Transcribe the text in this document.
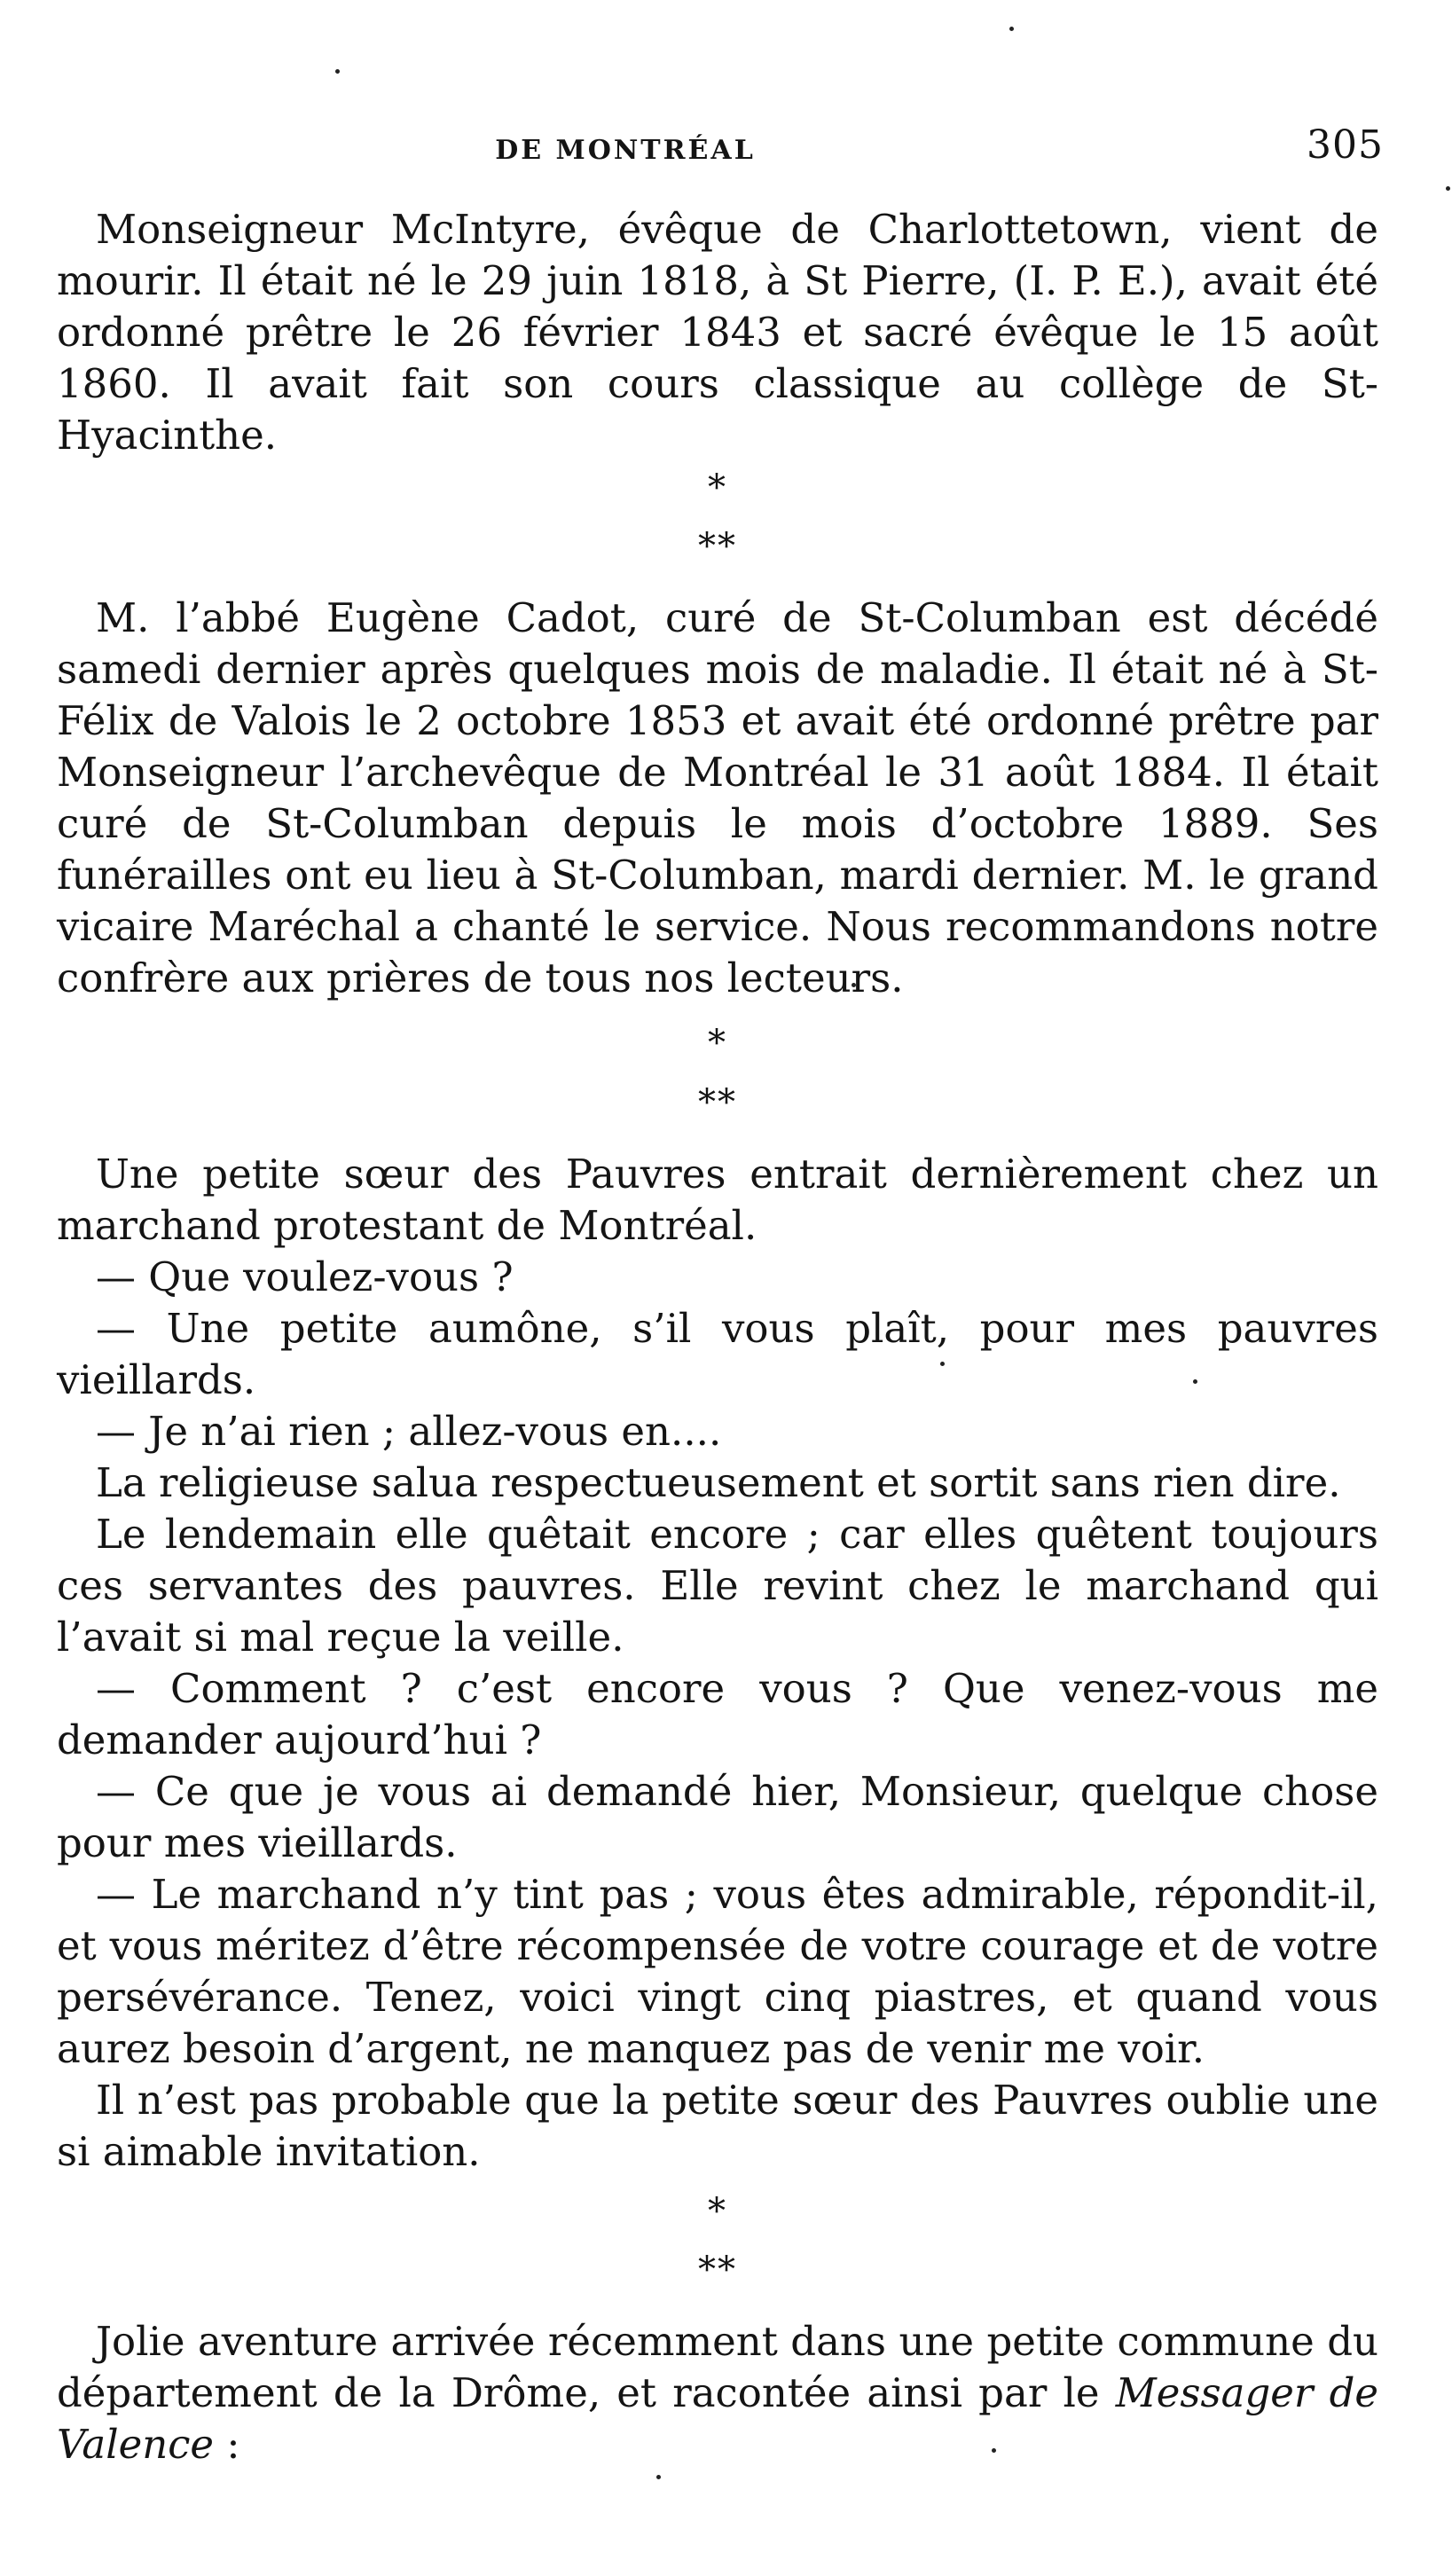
DE MONTRÉAL	305

Monseigneur McIntyre, évêque de Charlottetown, vient de mourir. Il était né le 29 juin 1818, à St Pierre, (I. P. E.), avait été ordonné prêtre le 26 février 1843 et sacré évêque le 15 août 1860. Il avait fait son cours classique au collège de St-Hyacinthe.

*
**

M. l’abbé Eugène Cadot, curé de St-Columban est décédé samedi dernier après quelques mois de maladie. Il était né à St-Félix de Valois le 2 octobre 1853 et avait été ordonné prêtre par Monseigneur l’archevêque de Montréal le 31 août 1884. Il était curé de St-Columban depuis le mois d’octobre 1889. Ses funérailles ont eu lieu à St-Columban, mardi dernier. M. le grand vicaire Maréchal a chanté le service. Nous recommandons notre confrère aux prières de tous nos lecteurs.

*
**

Une petite sœur des Pauvres entrait dernièrement chez un marchand protestant de Montréal.

— Que voulez-vous ?

— Une petite aumône, s’il vous plaît, pour mes pauvres vieillards.

— Je n’ai rien ; allez-vous en....

La religieuse salua respectueusement et sortit sans rien dire.

Le lendemain elle quêtait encore ; car elles quêtent toujours ces servantes des pauvres. Elle revint chez le marchand qui l’avait si mal reçue la veille.

— Comment ? c’est encore vous ? Que venez-vous me demander aujourd’hui ?

— Ce que je vous ai demandé hier, Monsieur, quelque chose pour mes vieillards.

— Le marchand n’y tint pas ; vous êtes admirable, répondit-il, et vous méritez d’être récompensée de votre courage et de votre persévérance. Tenez, voici vingt cinq piastres, et quand vous aurez besoin d’argent, ne manquez pas de venir me voir.

Il n’est pas probable que la petite sœur des Pauvres oublie une si aimable invitation.

*
**

Jolie aventure arrivée récemment dans une petite commune du département de la Drôme, et racontée ainsi par le Messager de Valence :
